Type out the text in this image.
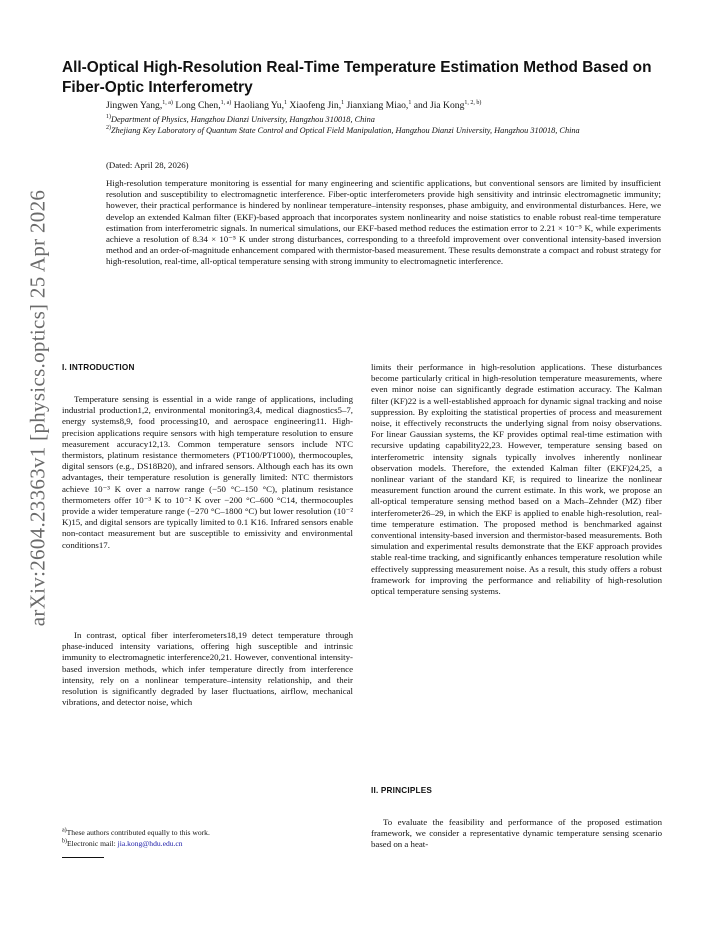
arXiv:2604.23363v1 [physics.optics] 25 Apr 2026
All-Optical High-Resolution Real-Time Temperature Estimation Method Based on Fiber-Optic Interferometry
Jingwen Yang,$^{1, a)}$ Long Chen,$^{1, a)}$ Haoliang Yu,$^1$ Xiaofeng Jin,$^1$ Jianxiang Miao,$^1$ and Jia Kong$^{1, 2, b)}$
$^{1)}$Department of Physics, Hangzhou Dianzi University, Hangzhou 310018, China
$^{2)}$Zhejiang Key Laboratory of Quantum State Control and Optical Field Manipulation, Hangzhou Dianzi University, Hangzhou 310018, China
(Dated: April 28, 2026)

High-resolution temperature monitoring is essential for many engineering and scientific applications, but conventional sensors are limited by insufficient resolution and susceptibility to electromagnetic interference. Fiber-optic interferometers provide high sensitivity and intrinsic electromagnetic immunity; however, their practical performance is hindered by nonlinear temperature–intensity responses, phase ambiguity, and environmental disturbances. Here, we develop an extended Kalman filter (EKF)-based approach that incorporates system nonlinearity and noise statistics to enable robust real-time temperature estimation from interferometric signals. In numerical simulations, our EKF-based method reduces the estimation error to 2.21 × 10⁻⁵ K, while experiments achieve a resolution of 8.34 × 10⁻⁵ K under strong disturbances, corresponding to a threefold improvement over conventional intensity-based inversion method and an order-of-magnitude enhancement compared with thermistor-based measurement. These results demonstrate a compact and robust strategy for high-resolution, real-time, all-optical temperature sensing with strong immunity to electromagnetic interference.

I. INTRODUCTION

Temperature sensing is essential in a wide range of applications, including industrial production1,2, environmental monitoring3,4, medical diagnostics5–7, energy systems8,9, food processing10, and aerospace engineering11. High-precision applications require sensors with high temperature resolution to ensure measurement accuracy12,13. Common temperature sensors include NTC thermistors, platinum resistance thermometers (PT100/PT1000), thermocouples, digital sensors (e.g., DS18B20), and infrared sensors. Although each has its own advantages, their temperature resolution is generally limited: NTC thermistors achieve 10⁻³ K over a narrow range (−50 °C–150 °C), platinum resistance thermometers offer 10⁻³ K to 10⁻² K over −200 °C–600 °C14, thermocouples provide a wider temperature range (−270 °C–1800 °C) but lower resolution (10⁻² K)15, and digital sensors are typically limited to 0.1 K16. Infrared sensors enable non-contact measurement but are susceptible to emissivity and environmental conditions17.

In contrast, optical fiber interferometers18,19 detect temperature through phase-induced intensity variations, offering high susceptible and intrinsic immunity to electromagnetic interference20,21. However, conventional intensity-based inversion methods, which infer temperature directly from interference intensity, rely on a nonlinear temperature–intensity relationship, and their resolution is significantly degraded by laser fluctuations, airflow, mechanical vibrations, and detector noise, which

limits their performance in high-resolution applications. These disturbances become particularly critical in high-resolution temperature measurements, where even minor noise can significantly degrade estimation accuracy. The Kalman filter (KF)22 is a well-established approach for dynamic signal tracking and noise suppression. By exploiting the statistical properties of process and measurement noise, it effectively reconstructs the underlying signal from noisy observations. For linear Gaussian systems, the KF provides optimal real-time estimation with recursive updating capability22,23. However, temperature sensing based on interferometric intensity signals typically involves inherently nonlinear observation models. Therefore, the extended Kalman filter (EKF)24,25, a nonlinear variant of the standard KF, is required to linearize the nonlinear measurement function around the current estimate. In this work, we propose an all-optical temperature sensing method based on a Mach–Zehnder (MZ) fiber interferometer26–29, in which the EKF is applied to enable high-resolution, real-time temperature estimation. The proposed method is benchmarked against conventional intensity-based inversion and thermistor-based measurements. Both simulation and experimental results demonstrate that the EKF approach provides stable real-time tracking, and significantly enhances temperature resolution while effectively suppressing measurement noise. As a result, this study offers a robust framework for improving the performance and reliability of high-resolution optical temperature sensing systems.

II. PRINCIPLES

To evaluate the feasibility and performance of the proposed estimation framework, we consider a representative dynamic temperature sensing scenario based on a heat-

$^{a)}$These authors contributed equally to this work.
$^{b)}$Electronic mail: jia.kong@hdu.edu.cn
